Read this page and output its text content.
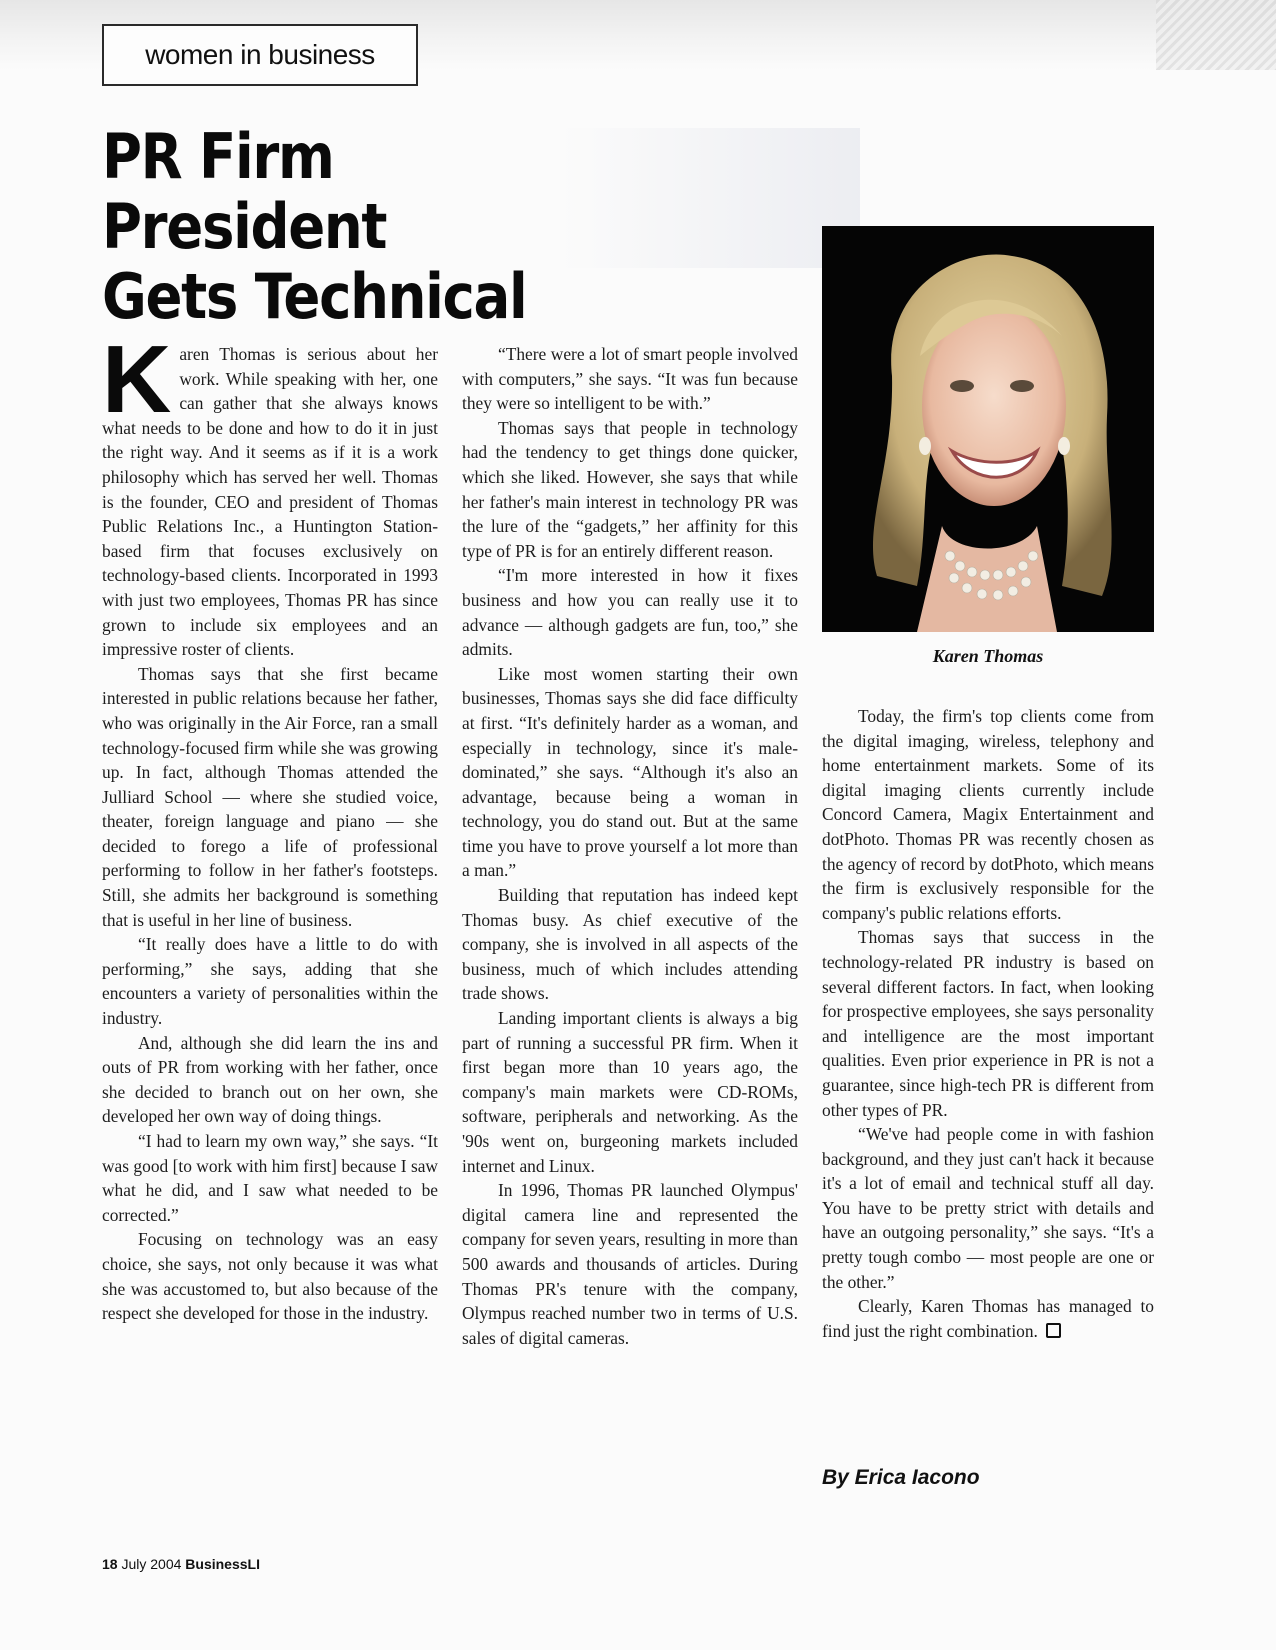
women in business
PR Firm President
Gets Technical

Karen Thomas is serious about her work. While speaking with her, one can gather that she always knows what needs to be done and how to do it in just the right way. And it seems as if it is a work philosophy which has served her well. Thomas is the founder, CEO and president of Thomas Public Relations Inc., a Huntington Station-based firm that focuses exclusively on technology-based clients. Incorporated in 1993 with just two employees, Thomas PR has since grown to include six employees and an impressive roster of clients.

Thomas says that she first became interested in public relations because her father, who was originally in the Air Force, ran a small technology-focused firm while she was growing up. In fact, although Thomas attended the Julliard School — where she studied voice, theater, foreign language and piano — she decided to forego a life of professional performing to follow in her father's footsteps. Still, she admits her background is something that is useful in her line of business.

“It really does have a little to do with performing,” she says, adding that she encounters a variety of personalities within the industry.

And, although she did learn the ins and outs of PR from working with her father, once she decided to branch out on her own, she developed her own way of doing things.

“I had to learn my own way,” she says. “It was good [to work with him first] because I saw what he did, and I saw what needed to be corrected.”

Focusing on technology was an easy choice, she says, not only because it was what she was accustomed to, but also because of the respect she developed for those in the industry.

“There were a lot of smart people involved with computers,” she says. “It was fun because they were so intelligent to be with.”

Thomas says that people in technology had the tendency to get things done quicker, which she liked. However, she says that while her father's main interest in technology PR was the lure of the “gadgets,” her affinity for this type of PR is for an entirely different reason.

“I'm more interested in how it fixes business and how you can really use it to advance — although gadgets are fun, too,” she admits.

Like most women starting their own businesses, Thomas says she did face difficulty at first. “It's definitely harder as a woman, and especially in technology, since it's male-dominated,” she says. “Although it's also an advantage, because being a woman in technology, you do stand out. But at the same time you have to prove yourself a lot more than a man.”

Building that reputation has indeed kept Thomas busy. As chief executive of the company, she is involved in all aspects of the business, much of which includes attending trade shows.

Landing important clients is always a big part of running a successful PR firm. When it first began more than 10 years ago, the company's main markets were CD-ROMs, software, peripherals and networking. As the '90s went on, burgeoning markets included internet and Linux.

In 1996, Thomas PR launched Olympus' digital camera line and represented the company for seven years, resulting in more than 500 awards and thousands of articles. During Thomas PR's tenure with the company, Olympus reached number two in terms of U.S. sales of digital cameras.

Karen Thomas

Today, the firm's top clients come from the digital imaging, wireless, telephony and home entertainment markets. Some of its digital imaging clients currently include Concord Camera, Magix Entertainment and dotPhoto. Thomas PR was recently chosen as the agency of record by dotPhoto, which means the firm is exclusively responsible for the company's public relations efforts.

Thomas says that success in the technology-related PR industry is based on several different factors. In fact, when looking for prospective employees, she says personality and intelligence are the most important qualities. Even prior experience in PR is not a guarantee, since high-tech PR is different from other types of PR.

“We've had people come in with fashion background, and they just can't hack it because it's a lot of email and technical stuff all day. You have to be pretty strict with details and have an outgoing personality,” she says. “It's a pretty tough combo — most people are one or the other.”

Clearly, Karen Thomas has managed to find just the right combination.

By Erica Iacono
18 July 2004 BusinessLI
